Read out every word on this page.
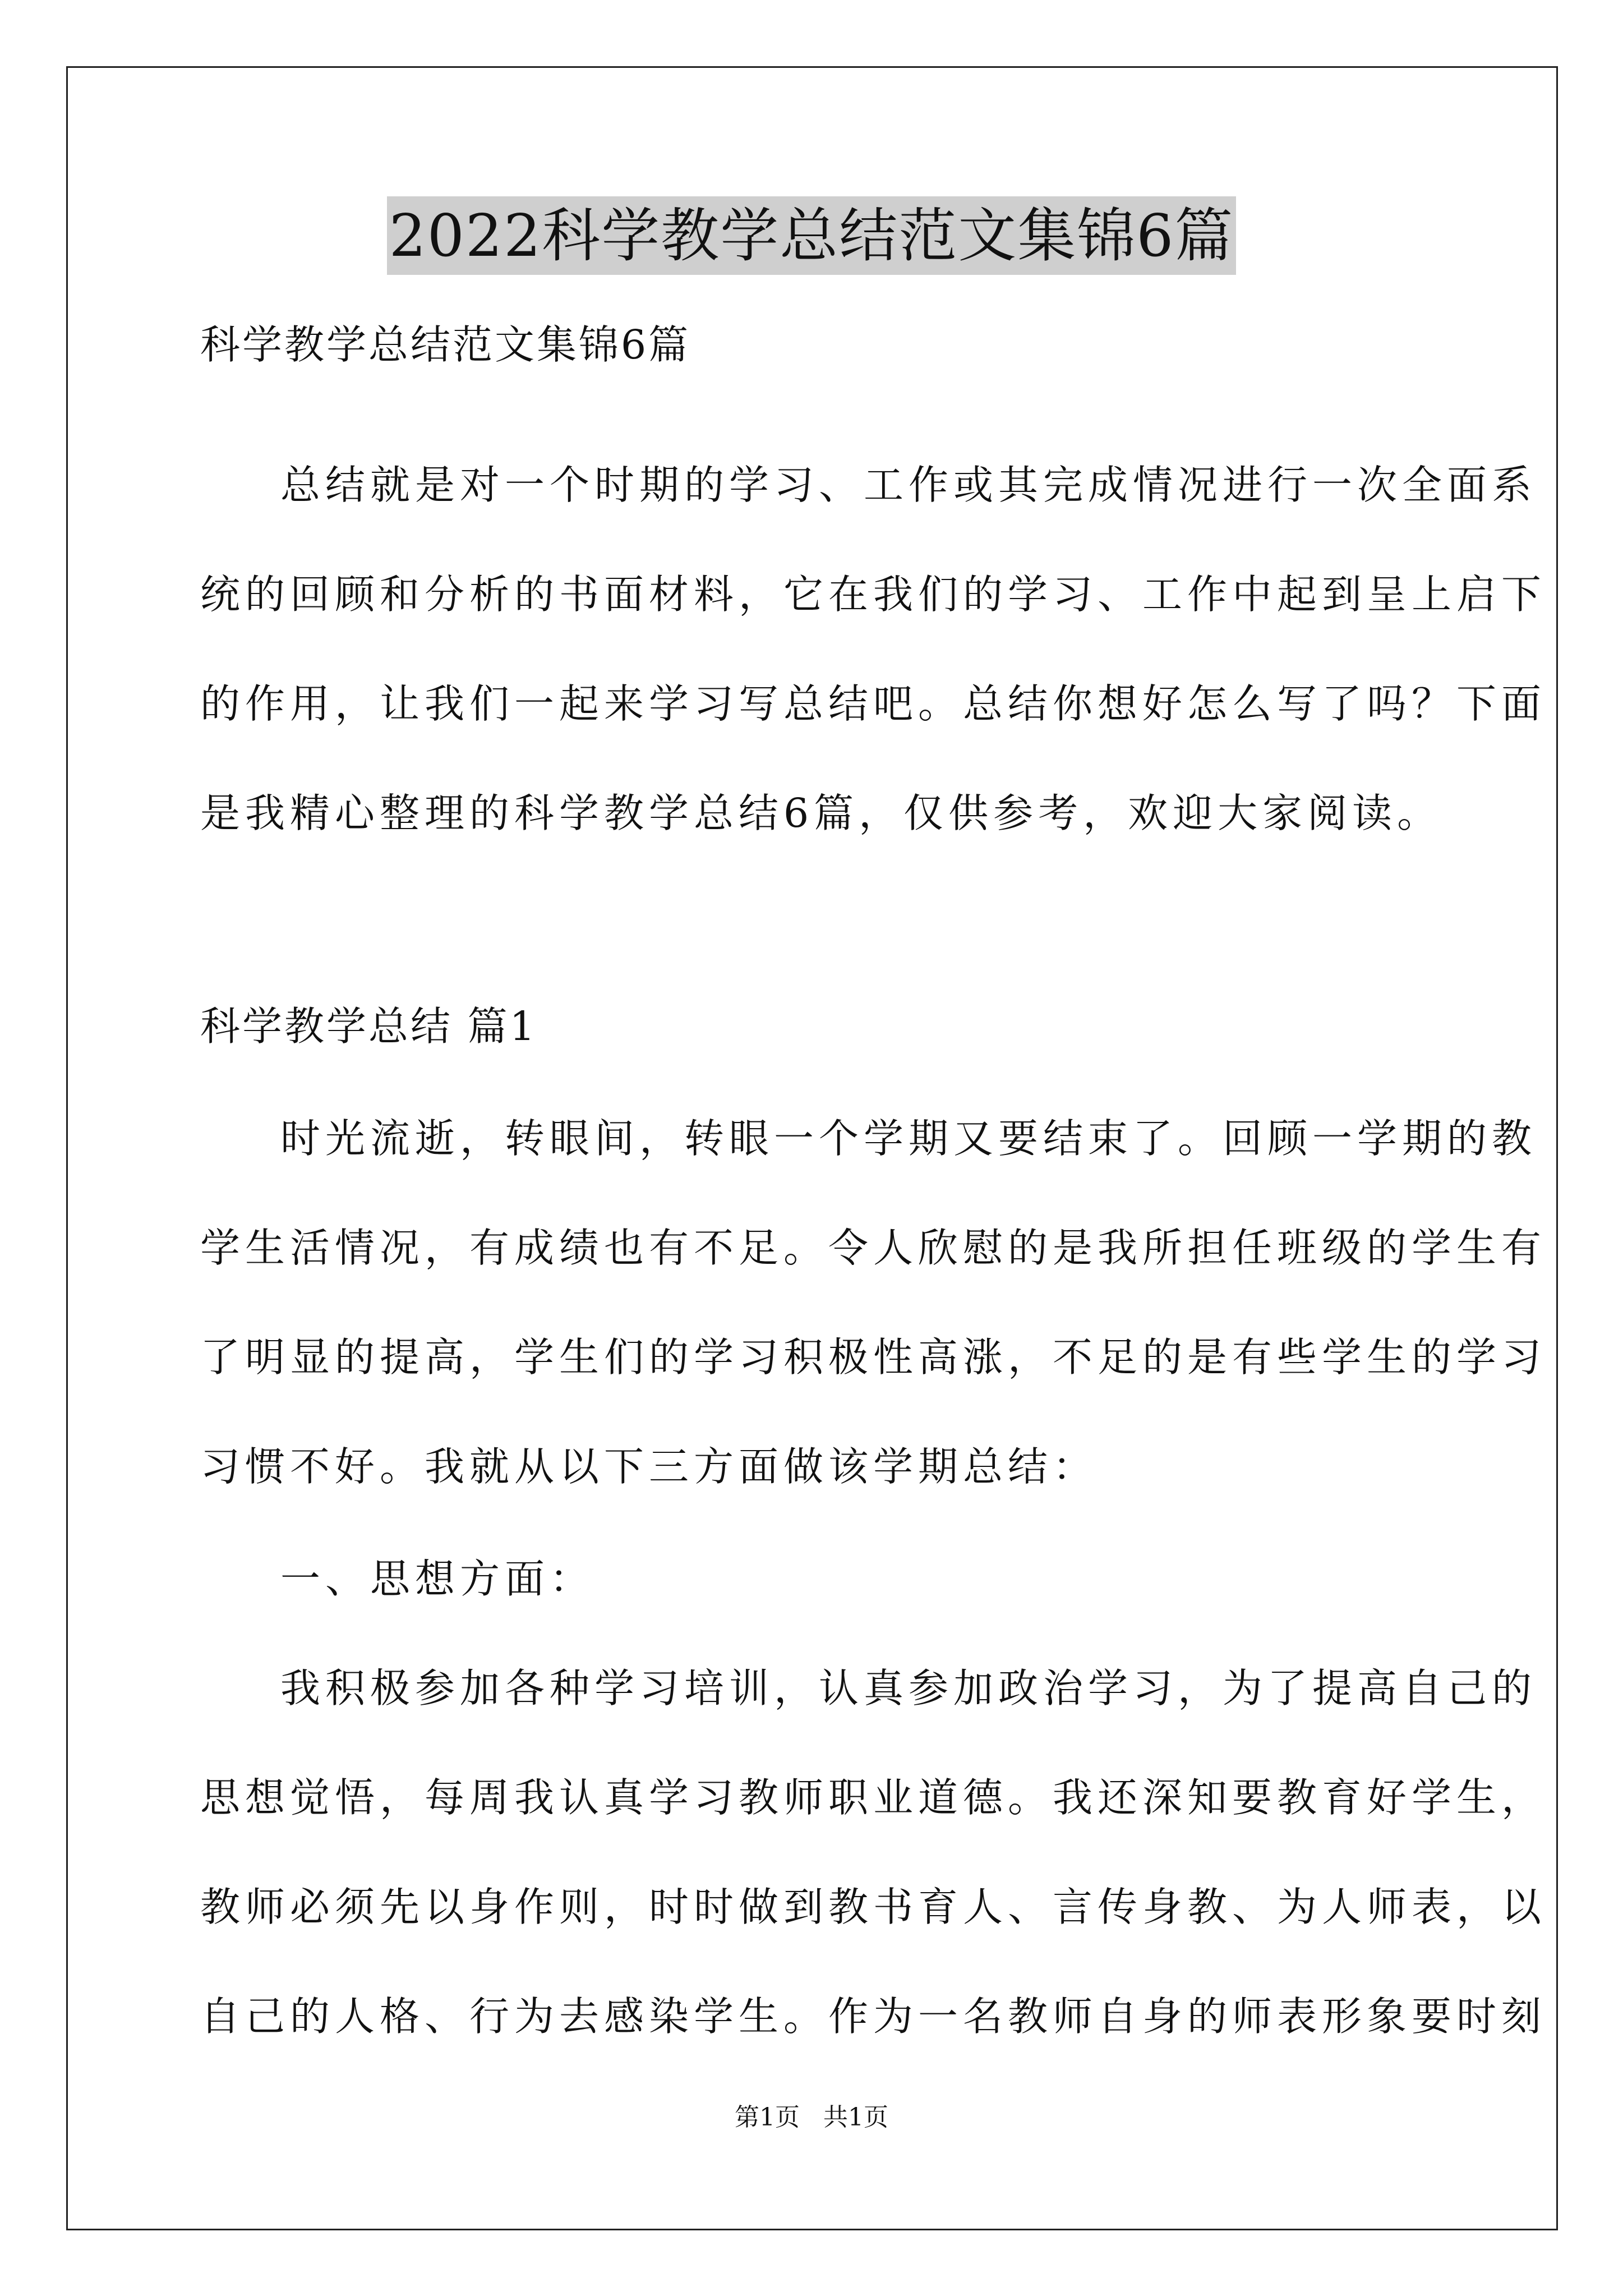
2022科学教学总结范文集锦6篇
科学教学总结范文集锦6篇
总结就是对一个时期的学习、工作或其完成情况进行一次全面系
统的回顾和分析的书面材料，它在我们的学习、工作中起到呈上启下
的作用，让我们一起来学习写总结吧。总结你想好怎么写了吗？下面
是我精心整理的科学教学总结6篇，仅供参考，欢迎大家阅读。
科学教学总结 篇1
时光流逝，转眼间，转眼一个学期又要结束了。回顾一学期的教
学生活情况，有成绩也有不足。令人欣慰的是我所担任班级的学生有
了明显的提高，学生们的学习积极性高涨，不足的是有些学生的学习
习惯不好。我就从以下三方面做该学期总结：
一、思想方面：
我积极参加各种学习培训，认真参加政治学习，为了提高自己的
思想觉悟，每周我认真学习教师职业道德。我还深知要教育好学生，
教师必须先以身作则，时时做到教书育人、言传身教、为人师表，以
自己的人格、行为去感染学生。作为一名教师自身的师表形象要时刻
第1页   共1页
